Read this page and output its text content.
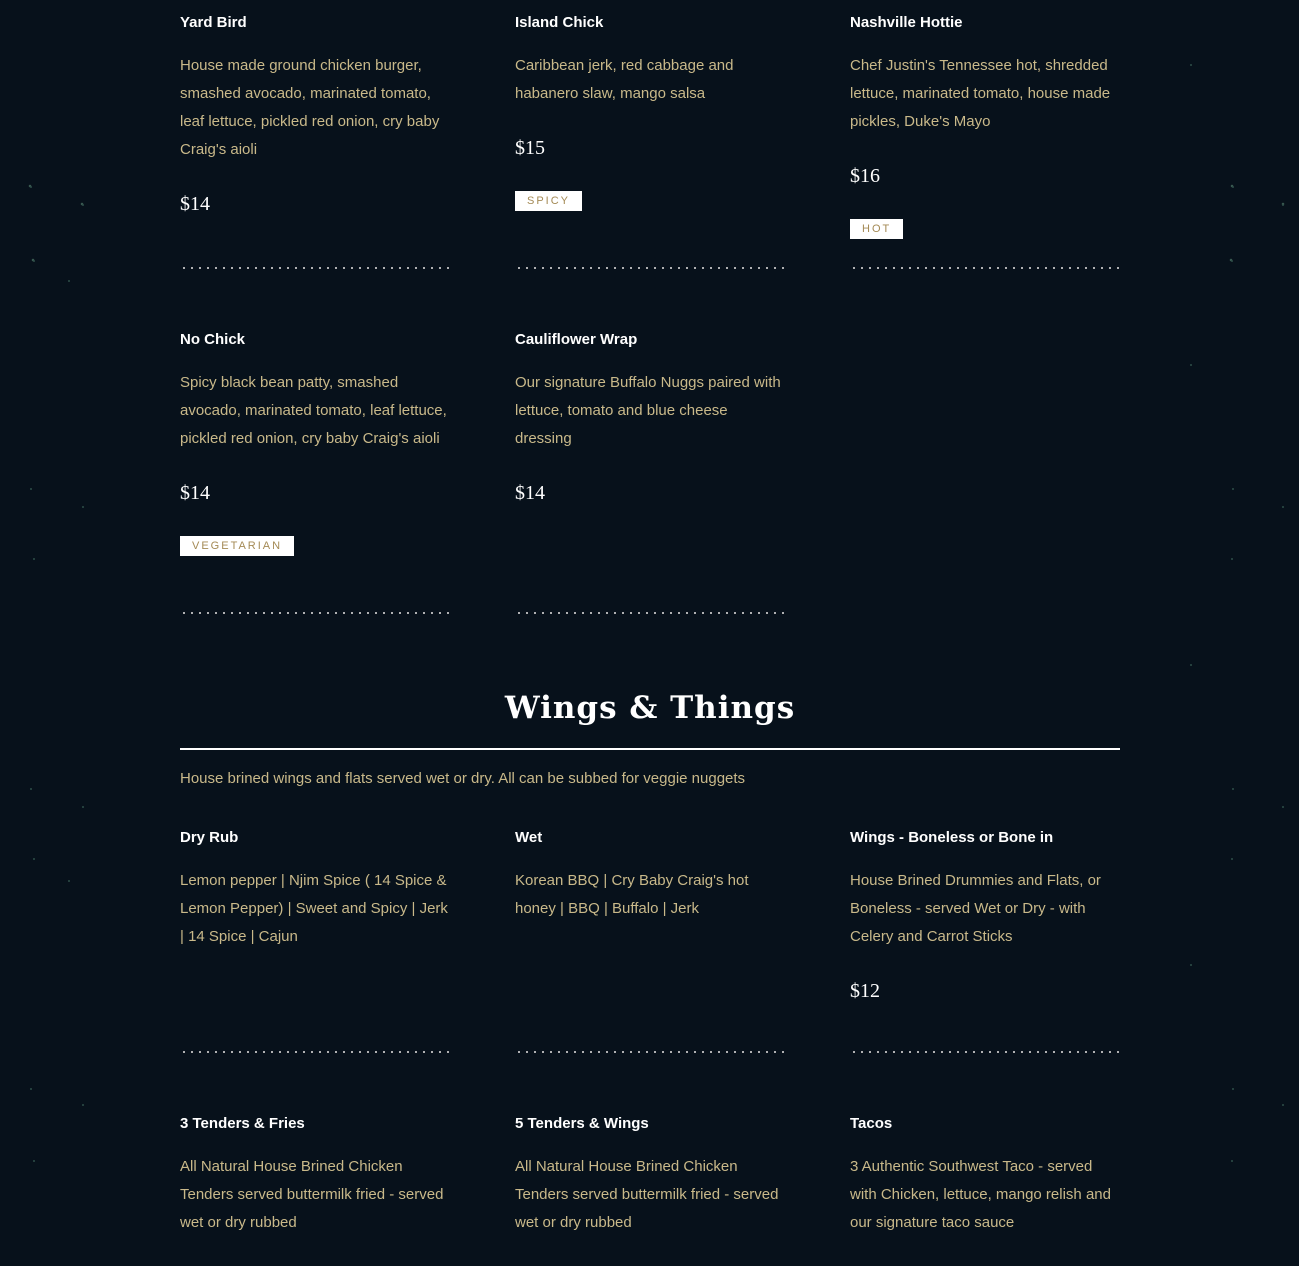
Yard Bird

House made ground chicken burger, smashed avocado, marinated tomato, leaf lettuce, pickled red onion, cry baby Craig's aioli

$14
Island Chick

Caribbean jerk, red cabbage and habanero slaw, mango salsa

$15
SPICY
Nashville Hottie

Chef Justin's Tennessee hot, shredded lettuce, marinated tomato, house made pickles, Duke's Mayo

$16
HOT
No Chick

Spicy black bean patty, smashed avocado, marinated tomato, leaf lettuce, pickled red onion, cry baby Craig's aioli

$14
VEGETARIAN
Cauliflower Wrap

Our signature Buffalo Nuggs paired with lettuce, tomato and blue cheese dressing

$14
Wings & Things

House brined wings and flats served wet or dry. All can be subbed for veggie nuggets

Dry Rub

Lemon pepper | Njim Spice ( 14 Spice & Lemon Pepper) | Sweet and Spicy | Jerk | 14 Spice | Cajun

Wet

Korean BBQ | Cry Baby Craig's hot honey | BBQ | Buffalo | Jerk

Wings - Boneless or Bone in

House Brined Drummies and Flats, or Boneless - served Wet or Dry - with Celery and Carrot Sticks

$12
3 Tenders & Fries

All Natural House Brined Chicken Tenders served buttermilk fried - served wet or dry rubbed

5 Tenders & Wings

All Natural House Brined Chicken Tenders served buttermilk fried - served wet or dry rubbed

Tacos

3 Authentic Southwest Taco - served with Chicken, lettuce, mango relish and our signature taco sauce
